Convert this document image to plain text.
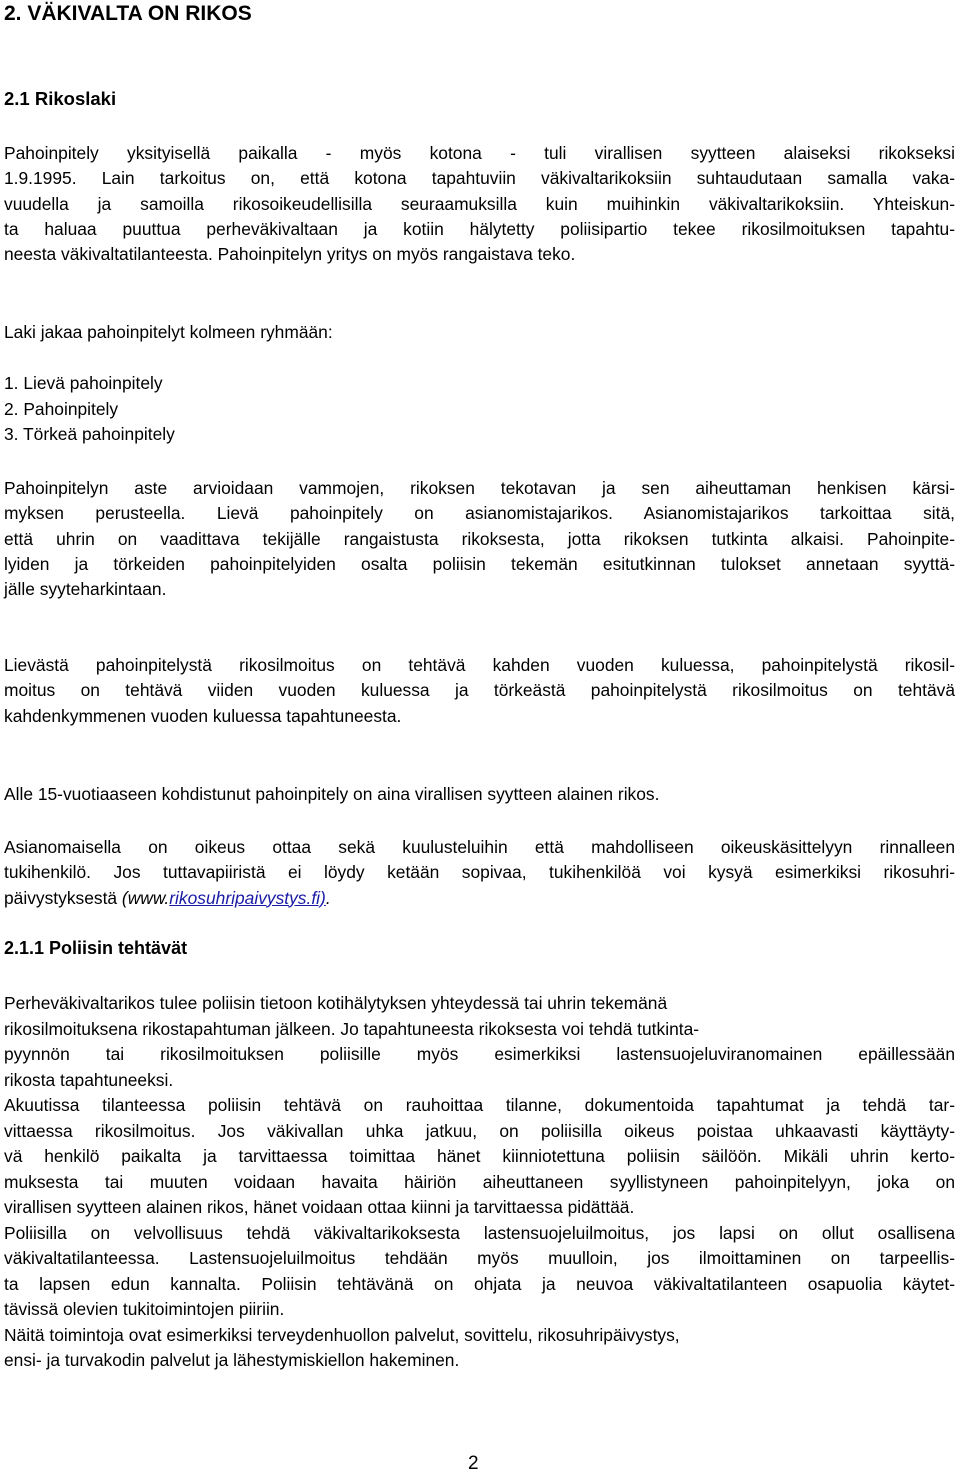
2. VÄKIVALTA ON RIKOS
2.1 Rikoslaki
Pahoinpitely yksityisellä paikalla - myös kotona - tuli virallisen syytteen alaiseksi rikokseksi
1.9.1995. Lain tarkoitus on, että kotona tapahtuviin väkivaltarikoksiin suhtaudutaan samalla vaka-
vuudella ja samoilla rikosoikeudellisilla seuraamuksilla kuin muihinkin väkivaltarikoksiin. Yhteiskun-
ta haluaa puuttua perheväkivaltaan ja kotiin hälytetty poliisipartio tekee rikosilmoituksen tapahtu-
neesta väkivaltatilanteesta. Pahoinpitelyn yritys on myös rangaistava teko.

Laki jakaa pahoinpitelyt kolmeen ryhmään:

1. Lievä pahoinpitely

2. Pahoinpitely

3. Törkeä pahoinpitely

Pahoinpitelyn aste arvioidaan vammojen, rikoksen tekotavan ja sen aiheuttaman henkisen kärsi-
myksen perusteella. Lievä pahoinpitely on asianomistajarikos. Asianomistajarikos tarkoittaa sitä,
että uhrin on vaadittava tekijälle rangaistusta rikoksesta, jotta rikoksen tutkinta alkaisi. Pahoinpite-
lyiden ja törkeiden pahoinpitelyiden osalta poliisin tekemän esitutkinnan tulokset annetaan syyttä-
jälle syyteharkintaan.
Lievästä pahoinpitelystä rikosilmoitus on tehtävä kahden vuoden kuluessa, pahoinpitelystä rikosil-
moitus on tehtävä viiden vuoden kuluessa ja törkeästä pahoinpitelystä rikosilmoitus on tehtävä
kahdenkymmenen vuoden kuluessa tapahtuneesta.

Alle 15-vuotiaaseen kohdistunut pahoinpitely on aina virallisen syytteen alainen rikos.

Asianomaisella on oikeus ottaa sekä kuulusteluihin että mahdolliseen oikeuskäsittelyyn rinnalleen
tukihenkilö. Jos tuttavapiiristä ei löydy ketään sopivaa, tukihenkilöä voi kysyä esimerkiksi rikosuhri-
päivystyksestä (www.rikosuhripaivystys.fi).
2.1.1 Poliisin tehtävät
Perheväkivaltarikos tulee poliisin tietoon kotihälytyksen yhteydessä tai uhrin tekemänä
rikosilmoituksena rikostapahtuman jälkeen. Jo tapahtuneesta rikoksesta voi tehdä tutkinta-
pyynnön tai rikosilmoituksen poliisille myös esimerkiksi lastensuojeluviranomainen epäillessään
rikosta tapahtuneeksi.
Akuutissa tilanteessa poliisin tehtävä on rauhoittaa tilanne, dokumentoida tapahtumat ja tehdä tar-
vittaessa rikosilmoitus. Jos väkivallan uhka jatkuu, on poliisilla oikeus poistaa uhkaavasti käyttäyty-
vä henkilö paikalta ja tarvittaessa toimittaa hänet kiinniotettuna poliisin säilöön. Mikäli uhrin kerto-
muksesta tai muuten voidaan havaita häiriön aiheuttaneen syyllistyneen pahoinpitelyyn, joka on
virallisen syytteen alainen rikos, hänet voidaan ottaa kiinni ja tarvittaessa pidättää.
Poliisilla on velvollisuus tehdä väkivaltarikoksesta lastensuojeluilmoitus, jos lapsi on ollut osallisena
väkivaltatilanteessa. Lastensuojeluilmoitus tehdään myös muulloin, jos ilmoittaminen on tarpeellis-
ta lapsen edun kannalta. Poliisin tehtävänä on ohjata ja neuvoa väkivaltatilanteen osapuolia käytet-
tävissä olevien tukitoimintojen piiriin.
Näitä toimintoja ovat esimerkiksi terveydenhuollon palvelut, sovittelu, rikosuhripäivystys,
ensi- ja turvakodin palvelut ja lähestymiskiellon hakeminen.
2
